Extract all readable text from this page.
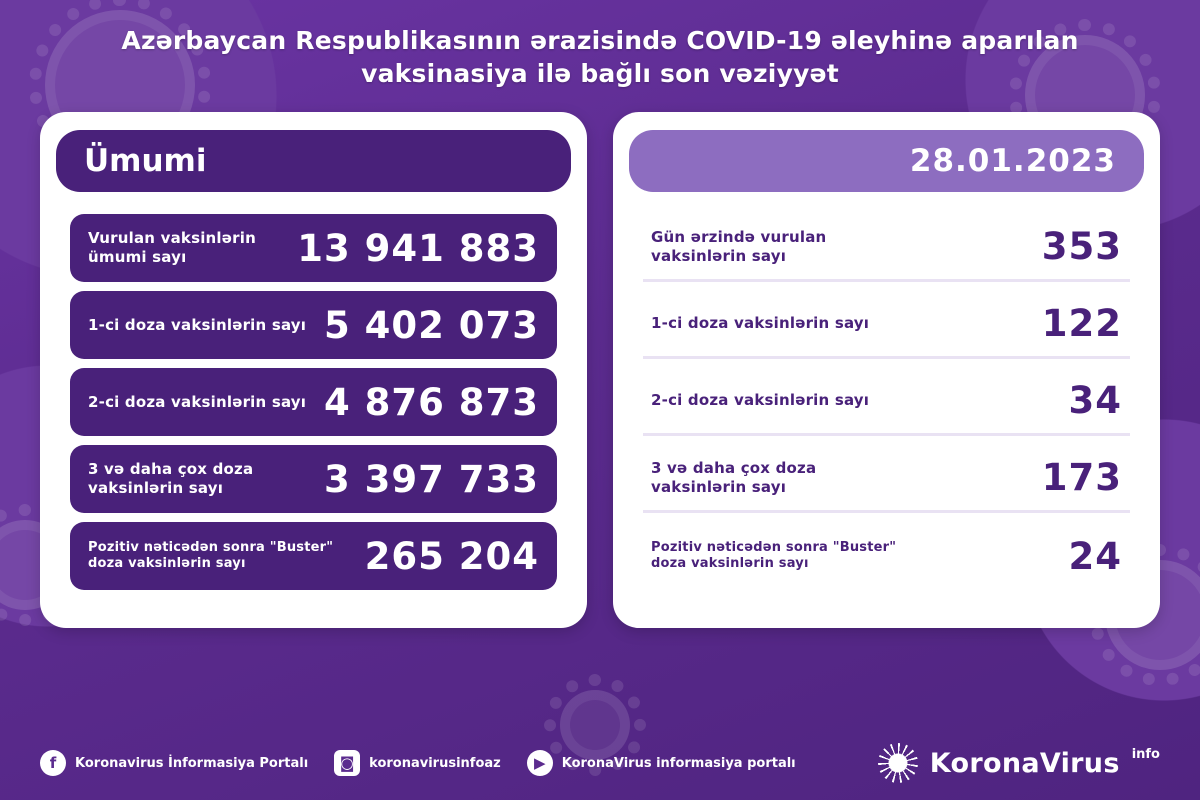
Azərbaycan Respublikasının ərazisində COVID-19 əleyhinə aparılan vaksinasiya ilə bağlı son vəziyyət
Ümumi
Vurulan vaksinlərin ümumi sayı	13 941 883
1-ci doza vaksinlərin sayı 5 402 073
2-ci doza vaksinlərin sayı 4 876 873
3 və daha çox doza vaksinlərin sayı	3 397 733
Pozitiv nəticədən sonra "Buster" doza vaksinlərin sayı	265 204
28.01.2023
Gün ərzində vurulan vaksinlərin sayı	353
1-ci doza vaksinlərin sayı	122
2-ci doza vaksinlərin sayı	34
3 və daha çox doza vaksinlərin sayı	173
Pozitiv nəticədən sonra "Buster" doza vaksinlərin sayı	24
f	Koronavirus İnformasiya Portalı	◙	koronavirusinfoaz	▶	KoronaVirus informasiya portalı	KoronaVirus info
